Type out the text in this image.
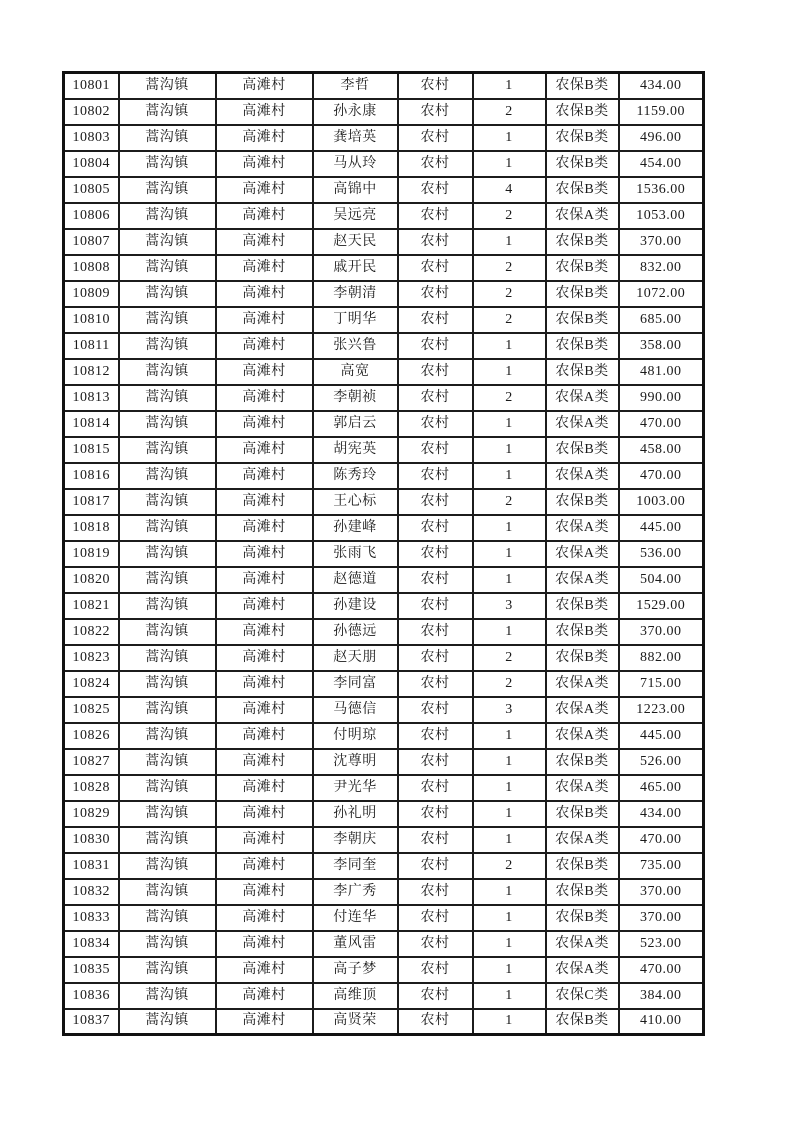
10801	蒿沟镇	高滩村	李哲	农村	1	农保B类	434.00
10802	蒿沟镇	高滩村	孙永康	农村	2	农保B类	1159.00
10803	蒿沟镇	高滩村	龚培英	农村	1	农保B类	496.00
10804	蒿沟镇	高滩村	马从玲	农村	1	农保B类	454.00
10805	蒿沟镇	高滩村	高锦中	农村	4	农保B类	1536.00
10806	蒿沟镇	高滩村	吴远亮	农村	2	农保A类	1053.00
10807	蒿沟镇	高滩村	赵天民	农村	1	农保B类	370.00
10808	蒿沟镇	高滩村	戚开民	农村	2	农保B类	832.00
10809	蒿沟镇	高滩村	李朝清	农村	2	农保B类	1072.00
10810	蒿沟镇	高滩村	丁明华	农村	2	农保B类	685.00
10811	蒿沟镇	高滩村	张兴鲁	农村	1	农保B类	358.00
10812	蒿沟镇	高滩村	高宽	农村	1	农保B类	481.00
10813	蒿沟镇	高滩村	李朝祯	农村	2	农保A类	990.00
10814	蒿沟镇	高滩村	郭启云	农村	1	农保A类	470.00
10815	蒿沟镇	高滩村	胡宪英	农村	1	农保B类	458.00
10816	蒿沟镇	高滩村	陈秀玲	农村	1	农保A类	470.00
10817	蒿沟镇	高滩村	王心标	农村	2	农保B类	1003.00
10818	蒿沟镇	高滩村	孙建峰	农村	1	农保A类	445.00
10819	蒿沟镇	高滩村	张雨飞	农村	1	农保A类	536.00
10820	蒿沟镇	高滩村	赵德道	农村	1	农保A类	504.00
10821	蒿沟镇	高滩村	孙建设	农村	3	农保B类	1529.00
10822	蒿沟镇	高滩村	孙德远	农村	1	农保B类	370.00
10823	蒿沟镇	高滩村	赵天朋	农村	2	农保B类	882.00
10824	蒿沟镇	高滩村	李同富	农村	2	农保A类	715.00
10825	蒿沟镇	高滩村	马德信	农村	3	农保A类	1223.00
10826	蒿沟镇	高滩村	付明琼	农村	1	农保A类	445.00
10827	蒿沟镇	高滩村	沈尊明	农村	1	农保B类	526.00
10828	蒿沟镇	高滩村	尹光华	农村	1	农保A类	465.00
10829	蒿沟镇	高滩村	孙礼明	农村	1	农保B类	434.00
10830	蒿沟镇	高滩村	李朝庆	农村	1	农保A类	470.00
10831	蒿沟镇	高滩村	李同奎	农村	2	农保B类	735.00
10832	蒿沟镇	高滩村	李广秀	农村	1	农保B类	370.00
10833	蒿沟镇	高滩村	付连华	农村	1	农保B类	370.00
10834	蒿沟镇	高滩村	董风雷	农村	1	农保A类	523.00
10835	蒿沟镇	高滩村	高子梦	农村	1	农保A类	470.00
10836	蒿沟镇	高滩村	高维顶	农村	1	农保C类	384.00
10837	蒿沟镇	高滩村	高贤荣	农村	1	农保B类	410.00
